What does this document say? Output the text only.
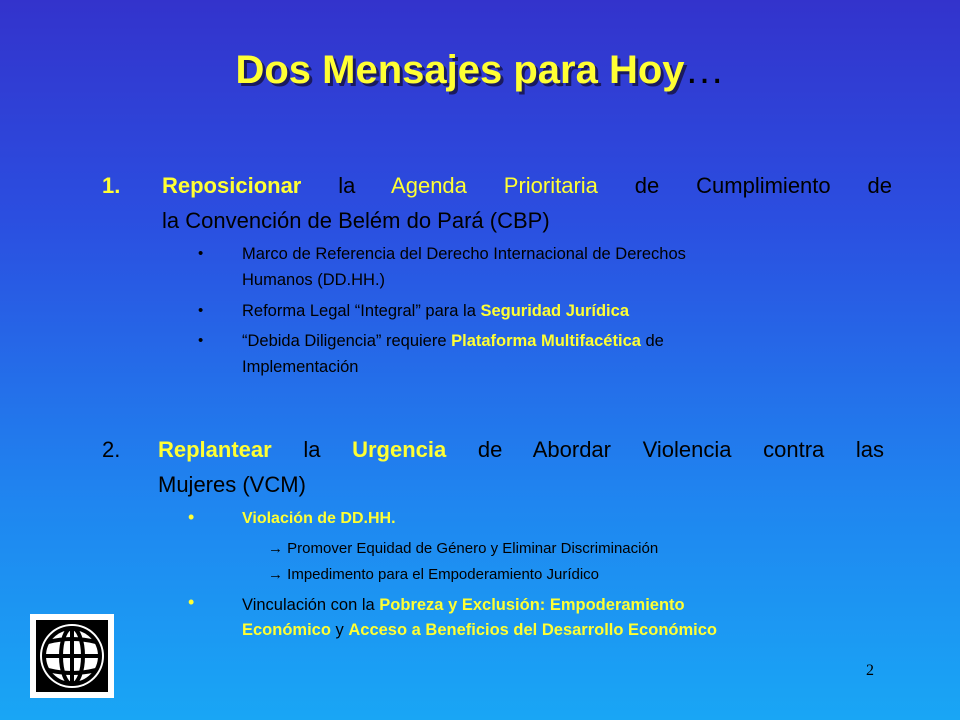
Dos Mensajes para Hoy…
1. Reposicionar la Agenda Prioritaria de Cumplimiento de
la Convención de Belém do Pará (CBP)
• Marco de Referencia del Derecho Internacional de Derechos
Humanos (DD.HH.)
• Reforma Legal “Integral” para la Seguridad Jurídica
• “Debida Diligencia” requiere Plataforma Multifacética de
Implementación
2. Replantear la Urgencia de Abordar Violencia contra las
Mujeres (VCM)
•	Violación de DD.HH.
→ Promover Equidad de Género y Eliminar Discriminación
→ Impedimento para el Empoderamiento Jurídico
•	Vinculación con la Pobreza y Exclusión: Empoderamiento
Económico y Acceso a Beneficios del Desarrollo Económico
2
